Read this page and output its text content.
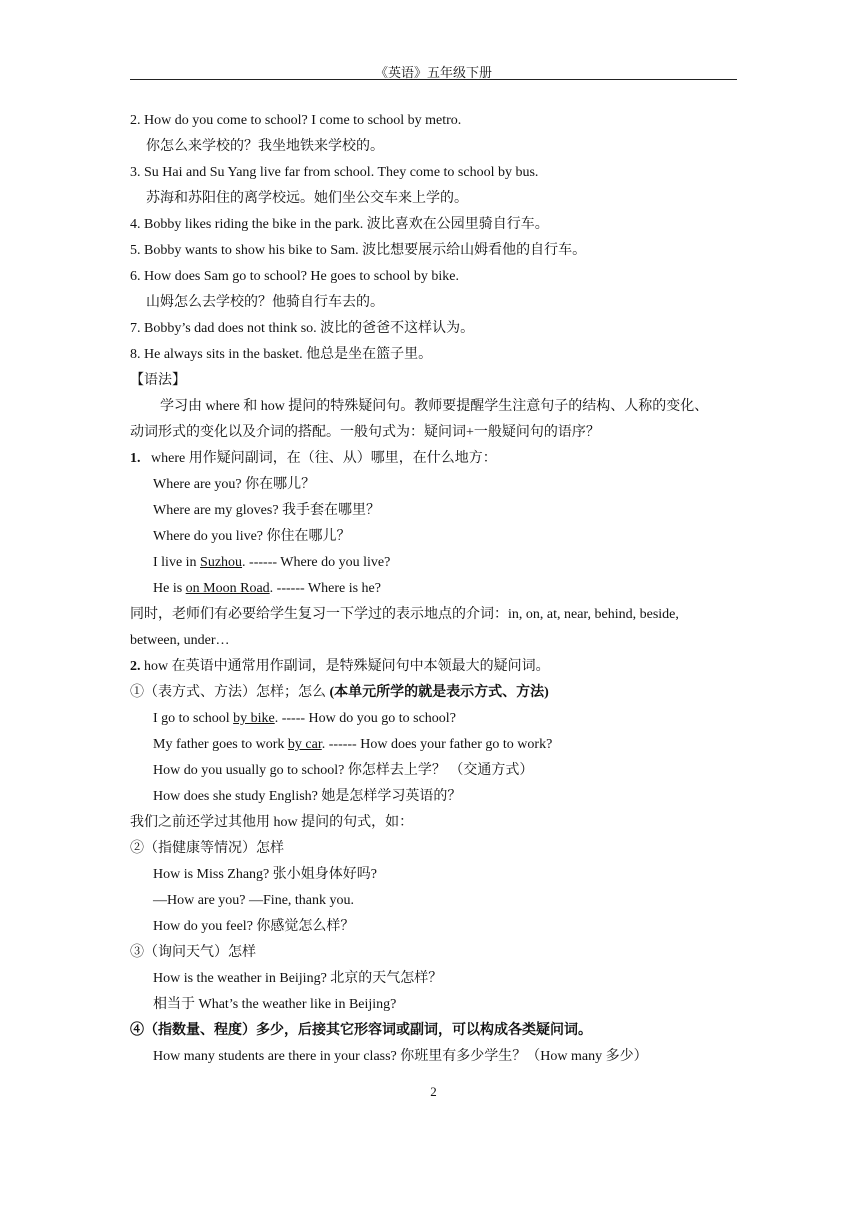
《英语》五年级下册
2. How do you come to school? I come to school by metro.
你怎么来学校的？我坐地铁来学校的。
3. Su Hai and Su Yang live far from school. They come to school by bus.
苏海和苏阳住的离学校远。她们坐公交车来上学的。
4. Bobby likes riding the bike in the park. 波比喜欢在公园里骑自行车。
5. Bobby wants to show his bike to Sam. 波比想要展示给山姆看他的自行车。
6. How does Sam go to school? He goes to school by bike.
山姆怎么去学校的？他骑自行车去的。
7. Bobby’s dad does not think so. 波比的爸爸不这样认为。
8. He always sits in the basket. 他总是坐在篮子里。
【语法】
学习由 where 和 how 提问的特殊疑问句。教师要提醒学生注意句子的结构、人称的变化、
动词形式的变化以及介词的搭配。一般句式为：疑问词+一般疑问句的语序？
1. where 用作疑问副词，在（往、从）哪里，在什么地方：
Where are you? 你在哪儿？
Where are my gloves? 我手套在哪里？
Where do you live? 你住在哪儿？
I live in Suzhou. ------ Where do you live?
He is on Moon Road. ------ Where is he?
同时，老师们有必要给学生复习一下学过的表示地点的介词：in, on, at, near, behind, beside,
between, under…
2. how 在英语中通常用作副词，是特殊疑问句中本领最大的疑问词。
①（表方式、方法）怎样；怎么 (本单元所学的就是表示方式、方法)
I go to school by bike. ----- How do you go to school?
My father goes to work by car. ------ How does your father go to work?
How do you usually go to school? 你怎样去上学？ （交通方式）
How does she study English? 她是怎样学习英语的？
我们之前还学过其他用 how 提问的句式，如：
②（指健康等情况）怎样
How is Miss Zhang? 张小姐身体好吗?
—How are you? —Fine, thank you.
How do you feel? 你感觉怎么样？
③（询问天气）怎样
How is the weather in Beijing? 北京的天气怎样？
相当于 What’s the weather like in Beijing?
④（指数量、程度）多少，后接其它形容词或副词，可以构成各类疑问词。
How many students are there in your class? 你班里有多少学生？（How many 多少）
2
